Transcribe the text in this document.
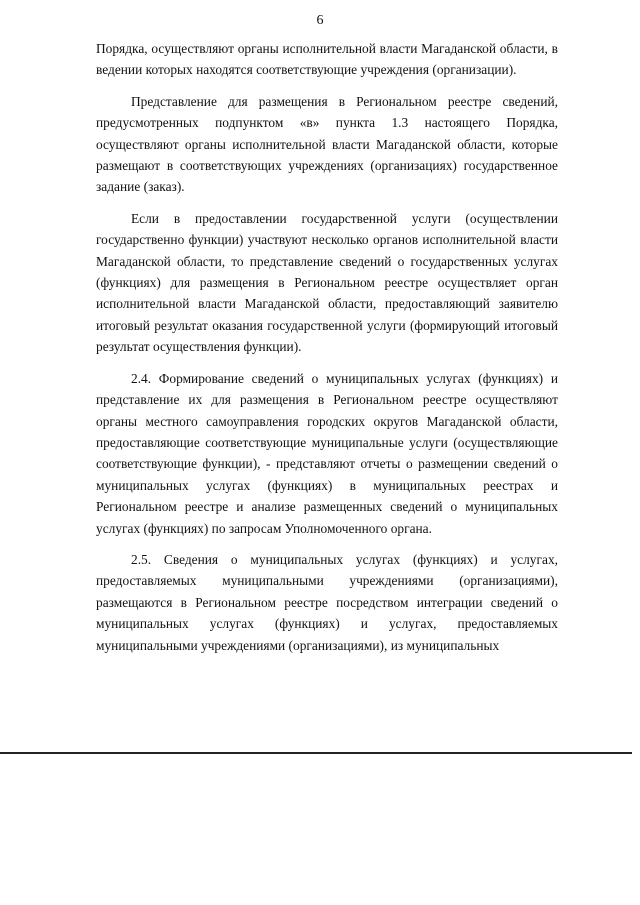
6

Порядка, осуществляют органы исполнительной власти Магаданской области, в ведении которых находятся соответствующие учреждения (организации).

Представление для размещения в Региональном реестре сведений, предусмотренных подпунктом «в» пункта 1.3 настоящего Порядка, осуществляют органы исполнительной власти Магаданской области, которые размещают в соответствующих учреждениях (организациях) государственное задание (заказ).

Если в предоставлении государственной услуги (осуществлении государственно функции) участвуют несколько органов исполнительной власти Магаданской области, то представление сведений о государственных услугах (функциях) для размещения в Региональном реестре осуществляет орган исполнительной власти Магаданской области, предоставляющий заявителю итоговый результат оказания государственной услуги (формирующий итоговый результат осуществления функции).

2.4. Формирование сведений о муниципальных услугах (функциях) и представление их для размещения в Региональном реестре осуществляют органы местного самоуправления городских округов Магаданской области, предоставляющие соответствующие муниципальные услуги (осуществляющие соответствующие функции), - представляют отчеты о размещении сведений о муниципальных услугах (функциях) в муниципальных реестрах и Региональном реестре и анализе размещенных сведений о муниципальных услугах (функциях) по запросам Уполномоченного органа.

2.5. Сведения о муниципальных услугах (функциях) и услугах, предоставляемых муниципальными учреждениями (организациями), размещаются в Региональном реестре посредством интеграции сведений о муниципальных услугах (функциях) и услугах, предоставляемых муниципальными учреждениями (организациями), из муниципальных
